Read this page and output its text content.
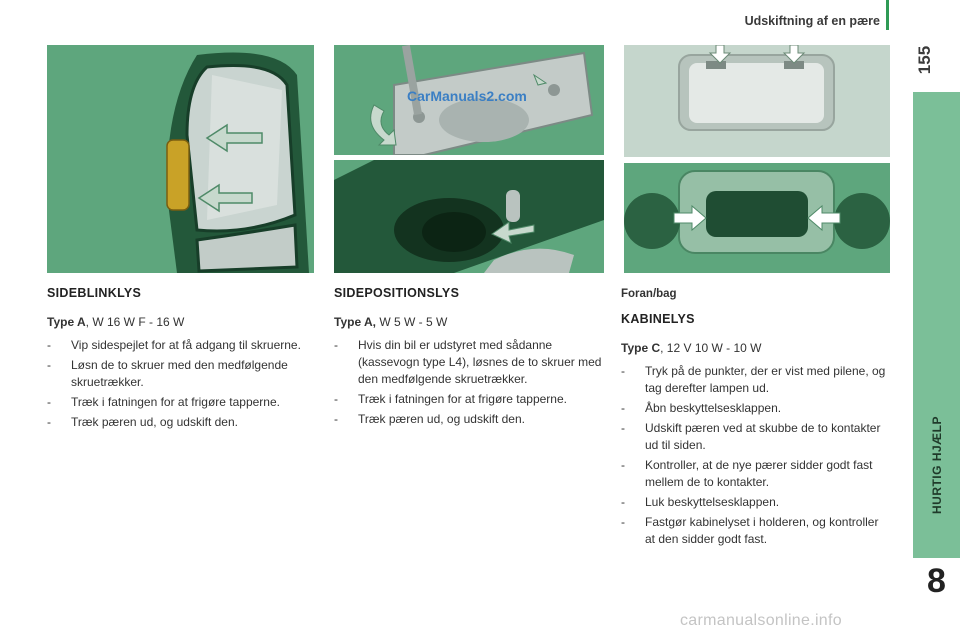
Udskiftning af en pære
155
HURTIG HJÆLP
8
CarManuals2.com
SIDEBLINKLYS

Type A, W 16 W F - 16 W

- Vip sidespejlet for at få adgang til skruerne.
- Løsn de to skruer med den medfølgende skruetrækker.
- Træk i fatningen for at frigøre tapperne.
- Træk pæren ud, og udskift den.
SIDEPOSITIONSLYS

Type A, W 5 W - 5 W

- Hvis din bil er udstyret med sådanne (kassevogn type L4), løsnes de to skruer med den medfølgende skruetrækker.
- Træk i fatningen for at frigøre tapperne.
- Træk pæren ud, og udskift den.

Foran/bag

KABINELYS

Type C, 12 V 10 W - 10 W

- Tryk på de punkter, der er vist med pilene, og tag derefter lampen ud.
- Åbn beskyttelsesklappen.
- Udskift pæren ved at skubbe de to kontakter ud til siden.
- Kontroller, at de nye pærer sidder godt fast mellem de to kontakter.
- Luk beskyttelsesklappen.
- Fastgør kabinelyset i holderen, og kontroller at den sidder godt fast.
carmanualsonline.info
